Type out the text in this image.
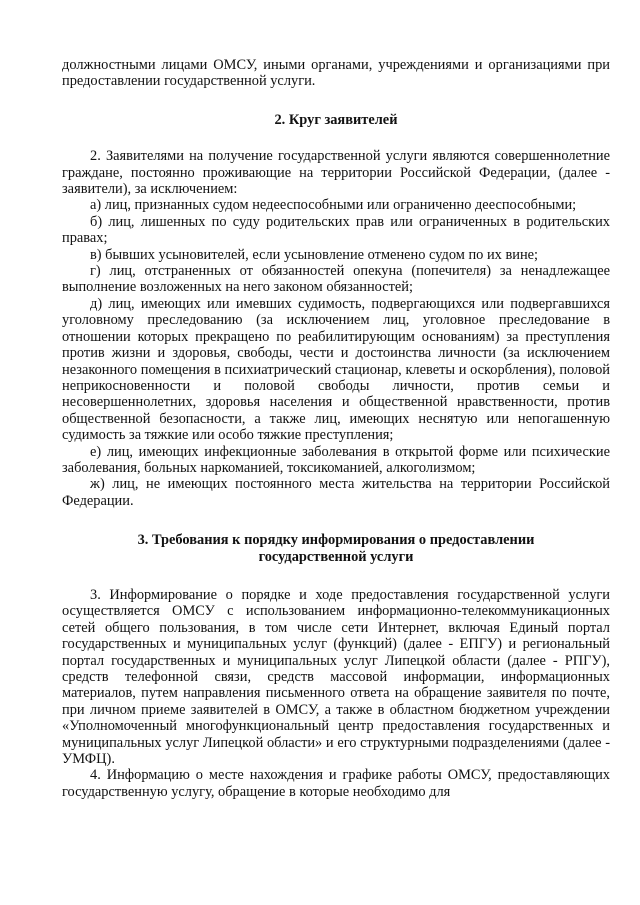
должностными лицами ОМСУ, иными органами, учреждениями и организациями при предоставлении государственной услуги.

2. Круг заявителей

2. Заявителями на получение государственной услуги являются совершеннолетние граждане, постоянно проживающие на территории Российской Федерации, (далее - заявители), за исключением:

а) лиц, признанных судом недееспособными или ограниченно дееспособными;

б) лиц, лишенных по суду родительских прав или ограниченных в родительских правах;

в) бывших усыновителей, если усыновление отменено судом по их вине;

г) лиц, отстраненных от обязанностей опекуна (попечителя) за ненадлежащее выполнение возложенных на него законом обязанностей;

д) лиц, имеющих или имевших судимость, подвергающихся или подвергавшихся уголовному преследованию (за исключением лиц, уголовное преследование в отношении которых прекращено по реабилитирующим основаниям) за преступления против жизни и здоровья, свободы, чести и достоинства личности (за исключением незаконного помещения в психиатрический стационар, клеветы и оскорбления), половой неприкосновенности и половой свободы личности, против семьи и несовершеннолетних, здоровья населения и общественной нравственности, против общественной безопасности, а также лиц, имеющих неснятую или непогашенную судимость за тяжкие или особо тяжкие преступления;

е) лиц, имеющих инфекционные заболевания в открытой форме или психические заболевания, больных наркоманией, токсикоманией, алкоголизмом;

ж) лиц, не имеющих постоянного места жительства на территории Российской Федерации.

3. Требования к порядку информирования о предоставлении
государственной услуги

3. Информирование о порядке и ходе предоставления государственной услуги осуществляется ОМСУ с использованием информационно-телекоммуникационных сетей общего пользования, в том числе сети Интернет, включая Единый портал государственных и муниципальных услуг (функций) (далее - ЕПГУ) и региональный портал государственных и муниципальных услуг Липецкой области (далее - РПГУ), средств телефонной связи, средств массовой информации, информационных материалов, путем направления письменного ответа на обращение заявителя по почте, при личном приеме заявителей в ОМСУ, а также в областном бюджетном учреждении «Уполномоченный многофункциональный центр предоставления государственных и муниципальных услуг Липецкой области» и его структурными подразделениями (далее - УМФЦ).

4. Информацию о месте нахождения и графике работы ОМСУ, предоставляющих государственную услугу, обращение в которые необходимо для
